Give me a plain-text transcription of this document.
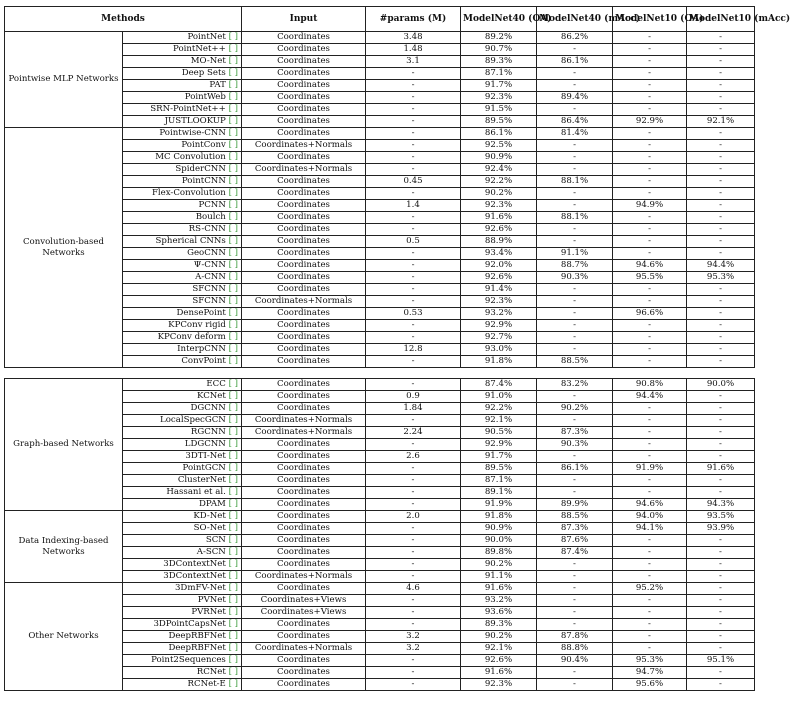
Methods		Input	#params (M)	ModelNet40 (OA)	ModelNet40 (mAcc)	ModelNet10 (OA)	ModelNet10 (mAcc)
Pointwise MLP Networks	PointNet [ ]	Coordinates	3.48	89.2%	86.2%	-	-
	PointNet++ [ ]	Coordinates	1.48	90.7%	-	-	-
	MO-Net [ ]	Coordinates	3.1	89.3%	86.1%	-	-
	Deep Sets [ ]	Coordinates	-	87.1%	-	-	-
	PAT [ ]	Coordinates	-	91.7%	-	-	-
	PointWeb [ ]	Coordinates	-	92.3%	89.4%	-	-
	SRN-PointNet++ [ ]	Coordinates	-	91.5%	-	-	-
	JUSTLOOKUP [ ]	Coordinates	-	89.5%	86.4%	92.9%	92.1%
Convolution-based Networks	Pointwise-CNN [ ]	Coordinates	-	86.1%	81.4%	-	-
	PointConv [ ]	Coordinates+Normals	-	92.5%	-	-	-
	MC Convolution [ ]	Coordinates	-	90.9%	-	-	-
	SpiderCNN [ ]	Coordinates+Normals	-	92.4%	-	-	-
	PointCNN [ ]	Coordinates	0.45	92.2%	88.1%	-	-
	Flex-Convolution [ ]	Coordinates	-	90.2%	-	-	-
	PCNN [ ]	Coordinates	1.4	92.3%	-	94.9%	-
	Boulch [ ]	Coordinates	-	91.6%	88.1%	-	-
	RS-CNN [ ]	Coordinates	-	92.6%	-	-	-
	Spherical CNNs [ ]	Coordinates	0.5	88.9%	-	-	-
	GeoCNN [ ]	Coordinates	-	93.4%	91.1%	-	-
	Ψ-CNN [ ]	Coordinates	-	92.0%	88.7%	94.6%	94.4%
	A-CNN [ ]	Coordinates	-	92.6%	90.3%	95.5%	95.3%
	SFCNN [ ]	Coordinates	-	91.4%	-	-	-
	SFCNN [ ]	Coordinates+Normals	-	92.3%	-	-	-
	DensePoint [ ]	Coordinates	0.53	93.2%	-	96.6%	-
	KPConv rigid [ ]	Coordinates	-	92.9%	-	-	-
	KPConv deform [ ]	Coordinates	-	92.7%	-	-	-
	InterpCNN [ ]	Coordinates	12.8	93.0%	-	-	-
	ConvPoint [ ]	Coordinates	-	91.8%	88.5%	-	-
Graph-based Networks	ECC [ ]	Coordinates	-	87.4%	83.2%	90.8%	90.0%
	KCNet [ ]	Coordinates	0.9	91.0%	-	94.4%	-
	DGCNN [ ]	Coordinates	1.84	92.2%	90.2%	-	-
	LocalSpecGCN [ ]	Coordinates+Normals	-	92.1%	-	-	-
	RGCNN [ ]	Coordinates+Normals	2.24	90.5%	87.3%	-	-
	LDGCNN [ ]	Coordinates	-	92.9%	90.3%	-	-
	3DTI-Net [ ]	Coordinates	2.6	91.7%	-	-	-
	PointGCN [ ]	Coordinates	-	89.5%	86.1%	91.9%	91.6%
	ClusterNet [ ]	Coordinates	-	87.1%	-	-	-
	Hassani et al. [ ]	Coordinates	-	89.1%	-	-	-
	DPAM [ ]	Coordinates	-	91.9%	89.9%	94.6%	94.3%
Data Indexing-based Networks	KD-Net [ ]	Coordinates	2.0	91.8%	88.5%	94.0%	93.5%
	SO-Net [ ]	Coordinates	-	90.9%	87.3%	94.1%	93.9%
	SCN [ ]	Coordinates	-	90.0%	87.6%	-	-
	A-SCN [ ]	Coordinates	-	89.8%	87.4%	-	-
	3DContextNet [ ]	Coordinates	-	90.2%	-	-	-
	3DContextNet [ ]	Coordinates+Normals	-	91.1%	-	-	-
Other Networks	3DmFV-Net [ ]	Coordinates	4.6	91.6%	-	95.2%	-
	PVNet [ ]	Coordinates+Views	-	93.2%	-	-	-
	PVRNet [ ]	Coordinates+Views	-	93.6%	-	-	-
	3DPointCapsNet [ ]	Coordinates	-	89.3%	-	-	-
	DeepRBFNet [ ]	Coordinates	3.2	90.2%	87.8%	-	-
	DeepRBFNet [ ]	Coordinates+Normals	3.2	92.1%	88.8%	-	-
	Point2Sequences [ ]	Coordinates	-	92.6%	90.4%	95.3%	95.1%
	RCNet [ ]	Coordinates	-	91.6%	-	94.7%	-
	RCNet-E [ ]	Coordinates	-	92.3%	-	95.6%	-
